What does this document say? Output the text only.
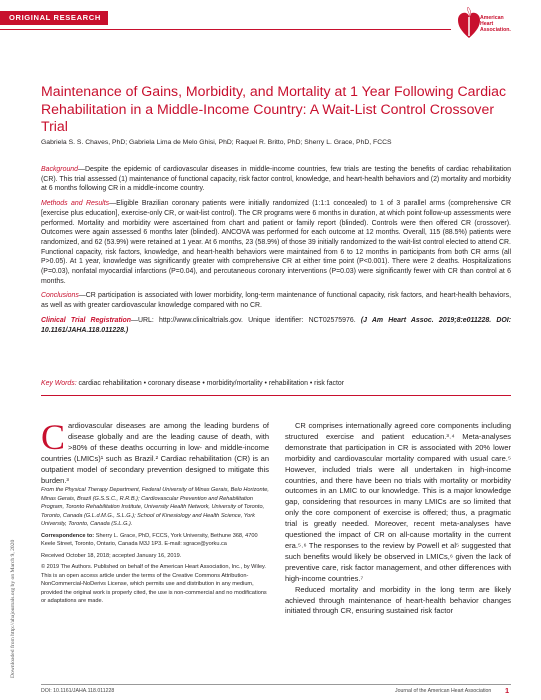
ORIGINAL RESEARCH	American
Heart
Association.
Maintenance of Gains, Morbidity, and Mortality at 1 Year Following Cardiac Rehabilitation in a Middle-Income Country: A Wait-List Control Crossover Trial
Gabriela S. S. Chaves, PhD; Gabriela Lima de Melo Ghisi, PhD; Raquel R. Britto, PhD; Sherry L. Grace, PhD, FCCS

Background—Despite the epidemic of cardiovascular diseases in middle-income countries, few trials are testing the benefits of cardiac rehabilitation (CR). This trial assessed (1) maintenance of functional capacity, risk factor control, knowledge, and heart-health behaviors and (2) mortality and morbidity at 6 months following CR in a middle-income country.

Methods and Results—Eligible Brazilian coronary patients were initially randomized (1:1:1 concealed) to 1 of 3 parallel arms (comprehensive CR [exercise plus education], exercise-only CR, or wait-list control). The CR programs were 6 months in duration, at which point follow-up assessments were performed. Mortality and morbidity were ascertained from chart and patient or family report (blinded). Controls were then offered CR (crossover). Outcomes were again assessed 6 months later (blinded). ANCOVA was performed for each outcome at 12 months. Overall, 115 (88.5%) patients were randomized, and 62 (53.9%) were retained at 1 year. At 6 months, 23 (58.9%) of those 39 initially randomized to the wait-list control elected to attend CR. Functional capacity, risk factors, knowledge, and heart-health behaviors were maintained from 6 to 12 months in participants from both CR arms (all P>0.05). At 1 year, knowledge was significantly greater with comprehensive CR at either time point (P<0.001). There were 2 deaths. Hospitalizations (P=0.03), nonfatal myocardial infarctions (P=0.04), and percutaneous coronary interventions (P=0.03) were significantly fewer with CR than control at 6 months.

Conclusions—CR participation is associated with lower morbidity, long-term maintenance of functional capacity, risk factors, and heart-health behaviors, as well as with greater cardiovascular knowledge compared with no CR.

Clinical Trial Registration—URL: http://www.clinicaltrials.gov. Unique identifier: NCT02575976. (J Am Heart Assoc. 2019;8:e011228. DOI: 10.1161/JAHA.118.011228.)

Key Words: cardiac rehabilitation • coronary disease • morbidity/mortality • rehabilitation • risk factor
Downloaded from http://ahajournals.org by on March 9, 2020
Cardiovascular diseases are among the leading burdens of disease globally and are the leading cause of death, with >80% of these deaths occurring in low- and middle-income countries (LMICs)¹ such as Brazil.² Cardiac rehabilitation (CR) is an outpatient model of secondary prevention designed to mitigate this burden.³

From the Physical Therapy Department, Federal University of Minas Gerais, Belo Horizonte, Minas Gerais, Brazil (G.S.S.C., R.R.B.); Cardiovascular Prevention and Rehabilitation Program, Toronto Rehabilitation Institute, University Health Network, University of Toronto, Toronto, Canada (G.L.d.M.G., S.L.G.); School of Kinesiology and Health Science, York University, Toronto, Canada (S.L.G.).

Correspondence to: Sherry L. Grace, PhD, FCCS, York University, Bethune 368, 4700 Keele Street, Toronto, Ontario, Canada M3J 1P3. E-mail: sgrace@yorku.ca

Received October 18, 2018; accepted January 16, 2019.

© 2019 The Authors. Published on behalf of the American Heart Association, Inc., by Wiley. This is an open access article under the terms of the Creative Commons Attribution-NonCommercial-NoDerivs License, which permits use and distribution in any medium, provided the original work is properly cited, the use is non-commercial and no modifications or adaptations are made.

CR comprises internationally agreed core components including structured exercise and patient education.³˒⁴ Meta-analyses demonstrate that participation in CR is associated with 20% lower morbidity and cardiovascular mortality compared with usual care.⁵ However, included trials were all undertaken in high-income countries, and there have been no trials with mortality or morbidity outcomes in an LMIC to our knowledge. This is a major knowledge gap, considering that resources in many LMICs are so limited that only the core component of exercise is offered; thus, a pragmatic trial is greatly needed. Moreover, recent meta-analyses have questioned the impact of CR on all-cause mortality in the current era.⁵˒⁶ The responses to the review by Powell et al⁵ suggested that such benefits would likely be observed in LMICs,⁶ given the lack of preventive care, risk factor management, and other differences with high-income countries.⁷

Reduced mortality and morbidity in the long term are likely achieved through maintenance of heart-health behavior changes initiated through CR, ensuring sustained risk factor

DOI: 10.1161/JAHA.118.011228	Journal of the American Heart Association 1
